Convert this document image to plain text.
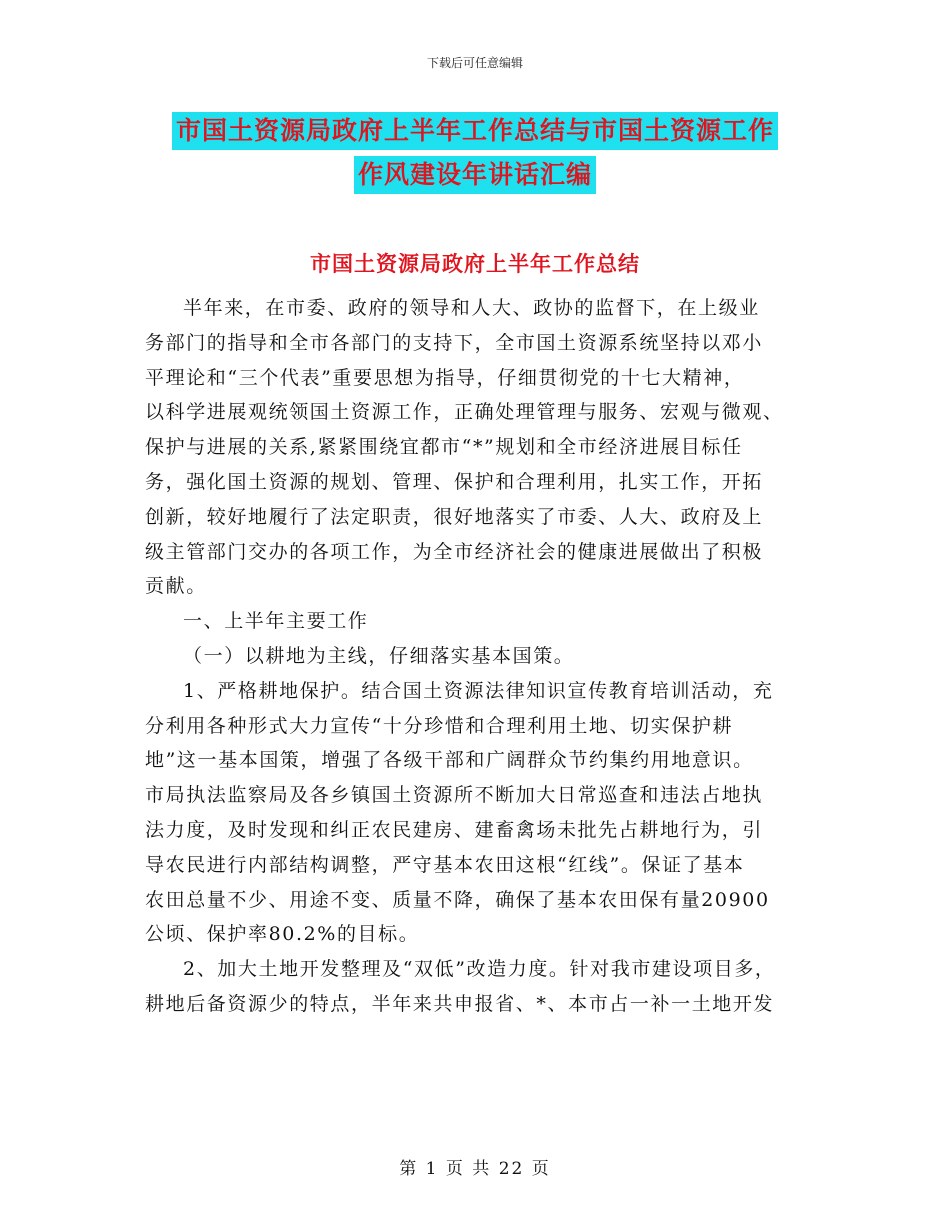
下载后可任意编辑
市国土资源局政府上半年工作总结与市国土资源工作
作风建设年讲话汇编
市国土资源局政府上半年工作总结
半年来，在市委、政府的领导和人大、政协的监督下，在上级业
务部门的指导和全市各部门的支持下，全市国土资源系统坚持以邓小
平理论和“三个代表”重要思想为指导，仔细贯彻党的十七大精神，
以科学进展观统领国土资源工作，正确处理管理与服务、宏观与微观、
保护与进展的关系,紧紧围绕宜都市“*”规划和全市经济进展目标任
务，强化国土资源的规划、管理、保护和合理利用，扎实工作，开拓
创新，较好地履行了法定职责，很好地落实了市委、人大、政府及上
级主管部门交办的各项工作，为全市经济社会的健康进展做出了积极
贡献。
一、上半年主要工作
（一）以耕地为主线，仔细落实基本国策。
1、严格耕地保护。结合国土资源法律知识宣传教育培训活动，充
分利用各种形式大力宣传“十分珍惜和合理利用土地、切实保护耕
地”这一基本国策，增强了各级干部和广阔群众节约集约用地意识。
市局执法监察局及各乡镇国土资源所不断加大日常巡查和违法占地执
法力度，及时发现和纠正农民建房、建畜禽场未批先占耕地行为，引
导农民进行内部结构调整，严守基本农田这根“红线”。保证了基本
农田总量不少、用途不变、质量不降，确保了基本农田保有量20900
公顷、保护率80.2%的目标。
2、加大土地开发整理及“双低”改造力度。针对我市建设项目多，
耕地后备资源少的特点，半年来共申报省、*、本市占一补一土地开发
第 1 页 共 22 页
